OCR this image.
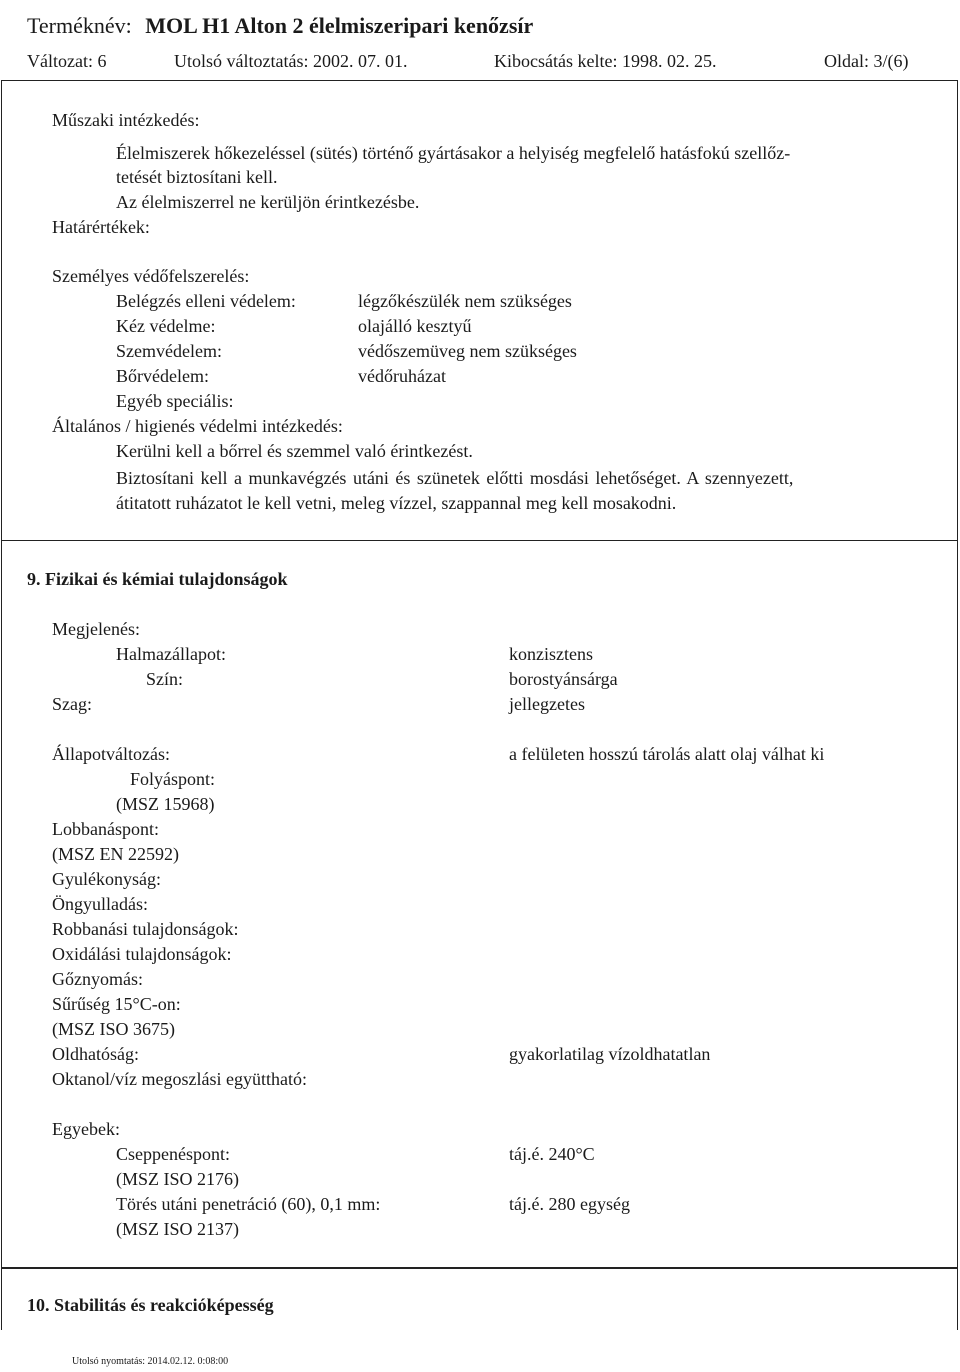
Terméknév: MOL H1 Alton 2 élelmiszeripari kenőzsír
Változat: 6	Utolsó változtatás: 2002. 07. 01.	Kibocsátás kelte: 1998. 02. 25.	Oldal: 3/(6)
Műszaki intézkedés:
Élelmiszerek hőkezeléssel (sütés) történő gyártásakor a helyiség megfelelő hatásfokú szellőz-
tetését biztosítani kell.
Az élelmiszerrel ne kerüljön érintkezésbe.
Határértékek:
Személyes védőfelszerelés:
Belégzés elleni védelem:	légzőkészülék nem szükséges
Kéz védelme:	olajálló kesztyű
Szemvédelem:	védőszemüveg nem szükséges
Bőrvédelem:	védőruházat
Egyéb speciális:
Általános / higienés védelmi intézkedés:
Kerülni kell a bőrrel és szemmel való érintkezést.
Biztosítani kell a munkavégzés utáni és szünetek előtti mosdási lehetőséget. A szennyezett,
átitatott ruházatot le kell vetni, meleg vízzel, szappannal meg kell mosakodni.
9. Fizikai és kémiai tulajdonságok
Megjelenés:
Halmazállapot:	konzisztens
Szín:	borostyánsárga
Szag:	jellegzetes
Állapotváltozás:	a felületen hosszú tárolás alatt olaj válhat ki
Folyáspont:
(MSZ 15968)
Lobbanáspont:
(MSZ EN 22592)
Gyulékonyság:
Öngyulladás:
Robbanási tulajdonságok:
Oxidálási tulajdonságok:
Gőznyomás:
Sűrűség 15°C-on:
(MSZ ISO 3675)
Oldhatóság:	gyakorlatilag vízoldhatatlan
Oktanol/víz megoszlási együttható:
Egyebek:
Cseppenéspont:	táj.é. 240°C
(MSZ ISO 2176)
Törés utáni penetráció (60), 0,1 mm:	táj.é. 280 egység
(MSZ ISO 2137)
10. Stabilitás és reakcióképesség
Utolsó nyomtatás: 2014.02.12. 0:08:00
